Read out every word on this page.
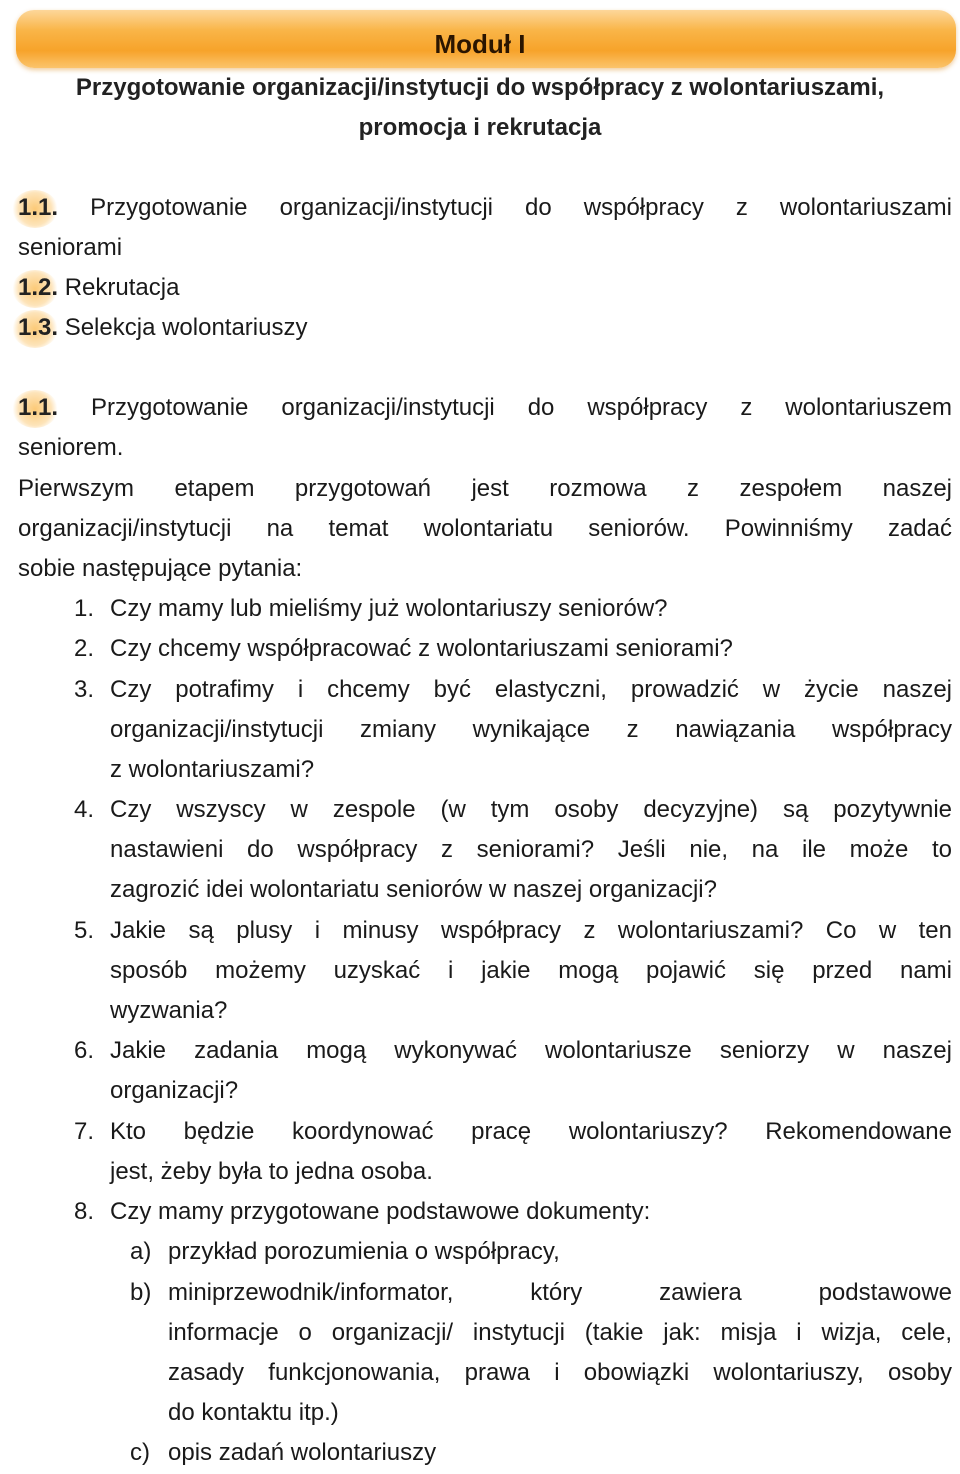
Moduł I
Przygotowanie organizacji/instytucji do współpracy z wolontariuszami,
promocja i rekrutacja
1.1. Przygotowanie organizacji/instytucji do współpracy z wolontariuszami
seniorami
1.2. Rekrutacja
1.3. Selekcja wolontariuszy
1.1. Przygotowanie organizacji/instytucji do współpracy z wolontariuszem
seniorem.
Pierwszym etapem przygotowań jest rozmowa z zespołem naszej
organizacji/instytucji na temat wolontariatu seniorów. Powinniśmy zadać
sobie następujące pytania:
1. Czy mamy lub mieliśmy już wolontariuszy seniorów?
2. Czy chcemy współpracować z wolontariuszami seniorami?
3. Czy potrafimy i chcemy być elastyczni, prowadzić w życie naszej
organizacji/instytucji zmiany wynikające z nawiązania współpracy
z wolontariuszami?
4. Czy wszyscy w zespole (w tym osoby decyzyjne) są pozytywnie
nastawieni do współpracy z seniorami? Jeśli nie, na ile może to
zagrozić idei wolontariatu seniorów w naszej organizacji?
5. Jakie są plusy i minusy współpracy z wolontariuszami? Co w ten
sposób możemy uzyskać i jakie mogą pojawić się przed nami
wyzwania?
6. Jakie zadania mogą wykonywać wolontariusze seniorzy w naszej
organizacji?
7. Kto będzie koordynować pracę wolontariuszy? Rekomendowane
jest, żeby była to jedna osoba.
8. Czy mamy przygotowane podstawowe dokumenty:
a) przykład porozumienia o współpracy,
b) miniprzewodnik/informator, który zawiera podstawowe
informacje o organizacji/ instytucji (takie jak: misja i wizja, cele,
zasady funkcjonowania, prawa i obowiązki wolontariuszy, osoby
do kontaktu itp.)
c) opis zadań wolontariuszy
